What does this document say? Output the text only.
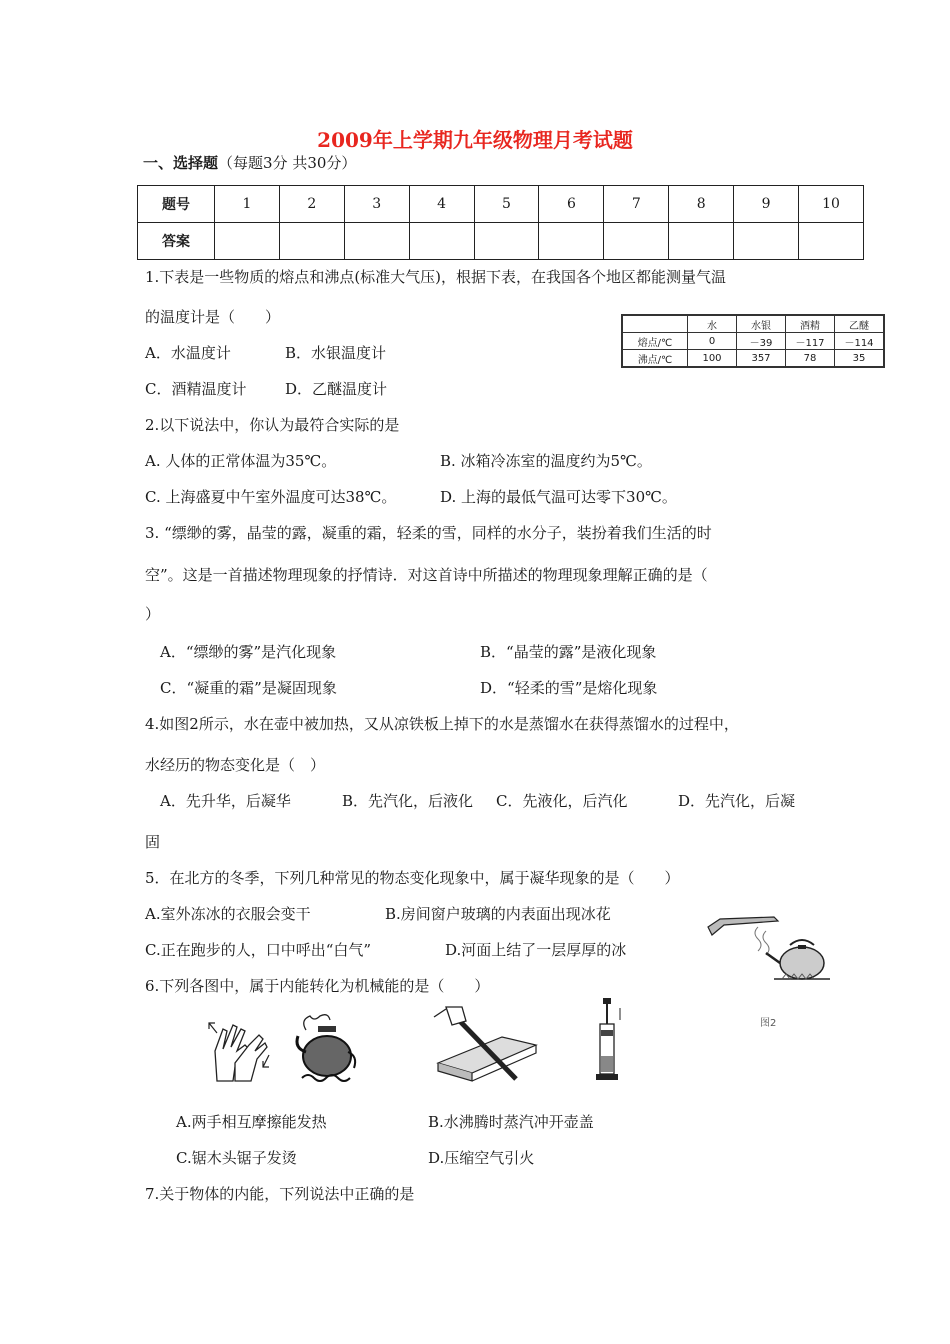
2009年上学期九年级物理月考试题
一、选择题（每题3分 共30分）
题号	1	2	3	4	5	6	7	8	9	10
答案										
1.下表是一些物质的熔点和沸点(标准大气压)，根据下表，在我国各个地区都能测量气温
的温度计是（　　）
		水	水银	酒精	乙醚
熔点/℃	0	－39	－117	－114
沸点/℃	100	357	78	35
A．水温度计	B．水银温度计
C．酒精温度计	D．乙醚温度计
2.以下说法中，你认为最符合实际的是
A. 人体的正常体温为35℃。	B. 冰箱冷冻室的温度约为5℃。
C. 上海盛夏中午室外温度可达38℃。	D. 上海的最低气温可达零下30℃。
3. “缥缈的雾，晶莹的露，凝重的霜，轻柔的雪，同样的水分子，装扮着我们生活的时
空”。这是一首描述物理现象的抒情诗．对这首诗中所描述的物理现象理解正确的是（
）
A．“缥缈的雾”是汽化现象	B．“晶莹的露”是液化现象
C．“凝重的霜”是凝固现象	D．“轻柔的雪”是熔化现象
4.如图2所示，水在壶中被加热，又从凉铁板上掉下的水是蒸馏水在获得蒸馏水的过程中，
水经历的物态变化是（　）
A．先升华，后凝华	B．先汽化，后液化 C．先液化，后汽化	D．先汽化，后凝
固
5．在北方的冬季，下列几种常见的物态变化现象中，属于凝华现象的是（　　）
A.室外冻冰的衣服会变干	B.房间窗户玻璃的内表面出现冰花
C.正在跑步的人，口中呼出“白气”	D.河面上结了一层厚厚的冰
图2
6.下列各图中，属于内能转化为机械能的是（　　）
A.两手相互摩擦能发热	B.水沸腾时蒸汽冲开壶盖
C.锯木头锯子发烫	D.压缩空气引火
7.关于物体的内能，下列说法中正确的是
